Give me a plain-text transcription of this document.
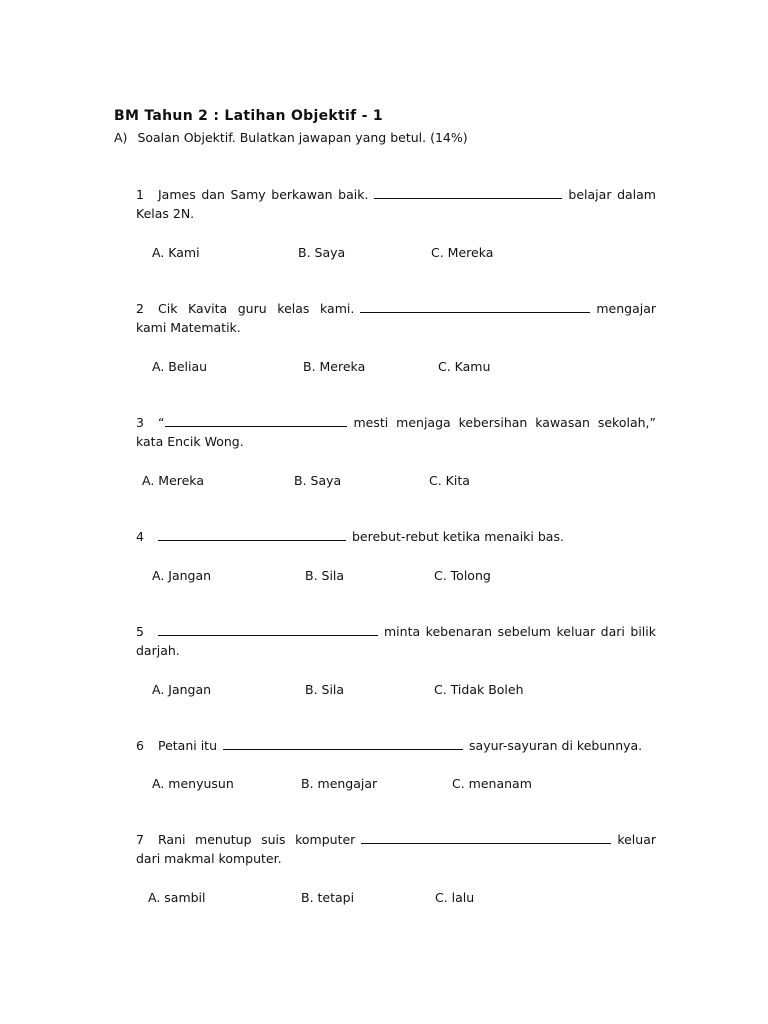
BM Tahun 2 : Latihan Objektif - 1
A) Soalan Objektif. Bulatkan jawapan yang betul. (14%)
1 James dan Samy berkawan baik.	belajar dalam Kelas 2N.
A. Kami	B. Saya	C. Mereka
2 Cik Kavita guru kelas kami.	mengajar kami Matematik.
A. Beliau	B. Mereka	C. Kamu
3 “	mesti menjaga kebersihan kawasan sekolah,” kata Encik Wong.
A. Mereka	B. Saya	C. Kita
4	berebut-rebut ketika menaiki bas.
A. Jangan	B. Sila	C. Tolong
5	minta kebenaran sebelum keluar dari bilik darjah.
A. Jangan	B. Sila	C. Tidak Boleh
6 Petani itu	sayur-sayuran di kebunnya.
A. menyusun	B. mengajar	C. menanam
7 Rani menutup suis komputer	keluar dari makmal komputer.
A. sambil	B. tetapi	C. lalu
